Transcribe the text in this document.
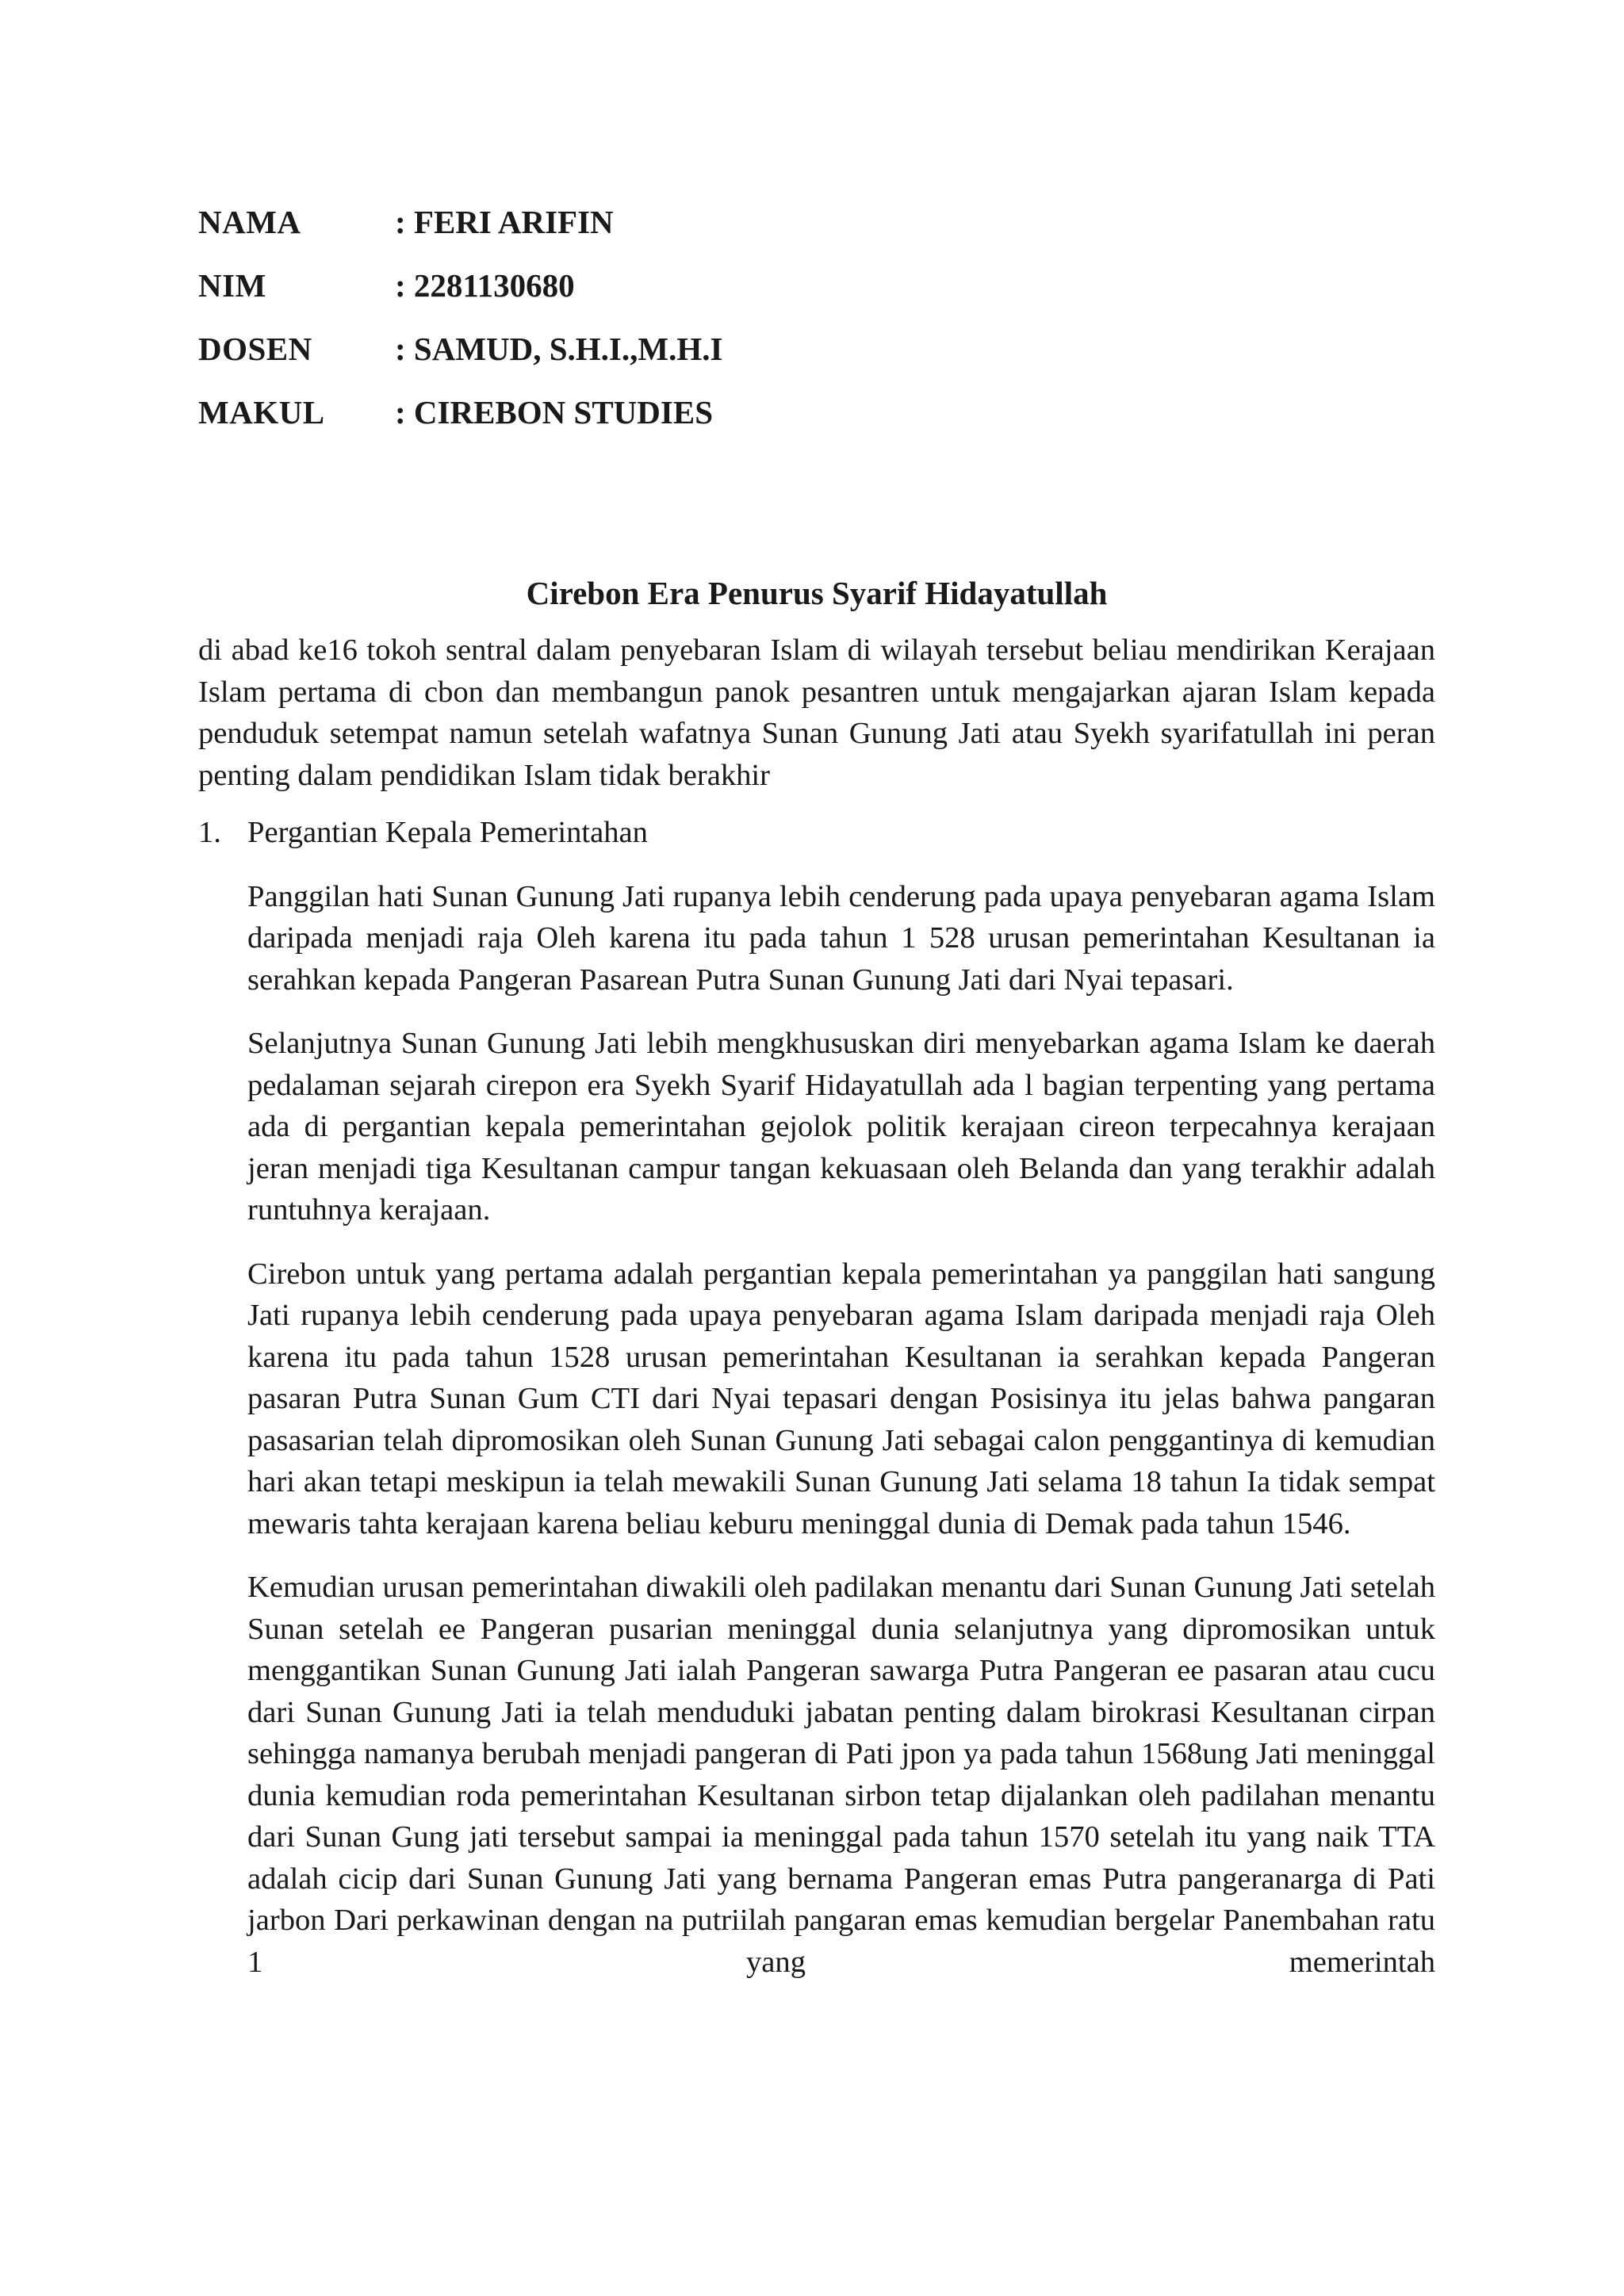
NAMA	: FERI ARIFIN
NIM	: 2281130680
DOSEN	: SAMUD, S.H.I.,M.H.I
MAKUL	: CIREBON STUDIES
Cirebon Era Penurus Syarif Hidayatullah

di abad ke16 tokoh sentral dalam penyebaran Islam di wilayah tersebut beliau mendirikan Kerajaan Islam pertama di cbon dan membangun panok pesantren untuk mengajarkan ajaran Islam kepada penduduk setempat namun setelah wafatnya Sunan Gunung Jati atau Syekh syarifatullah ini peran penting dalam pendidikan Islam tidak berakhir

1. Pergantian Kepala Pemerintahan

Panggilan hati Sunan Gunung Jati rupanya lebih cenderung pada upaya penyebaran agama Islam daripada menjadi raja Oleh karena itu pada tahun 1 528 urusan pemerintahan Kesultanan ia serahkan kepada Pangeran Pasarean Putra Sunan Gunung Jati dari Nyai tepasari.

Selanjutnya Sunan Gunung Jati lebih mengkhususkan diri menyebarkan agama Islam ke daerah pedalaman sejarah cirepon era Syekh Syarif Hidayatullah ada l bagian terpenting yang pertama ada di pergantian kepala pemerintahan gejolok politik kerajaan cireon terpecahnya kerajaan jeran menjadi tiga Kesultanan campur tangan kekuasaan oleh Belanda dan yang terakhir adalah runtuhnya kerajaan.

Cirebon untuk yang pertama adalah pergantian kepala pemerintahan ya panggilan hati sangung Jati rupanya lebih cenderung pada upaya penyebaran agama Islam daripada menjadi raja Oleh karena itu pada tahun 1528 urusan pemerintahan Kesultanan ia serahkan kepada Pangeran pasaran Putra Sunan Gum CTI dari Nyai tepasari dengan Posisinya itu jelas bahwa pangaran pasasarian telah dipromosikan oleh Sunan Gunung Jati sebagai calon penggantinya di kemudian hari akan tetapi meskipun ia telah mewakili Sunan Gunung Jati selama 18 tahun Ia tidak sempat mewaris tahta kerajaan karena beliau keburu meninggal dunia di Demak pada tahun 1546.

Kemudian urusan pemerintahan diwakili oleh padilakan menantu dari Sunan Gunung Jati setelah Sunan setelah ee Pangeran pusarian meninggal dunia selanjutnya yang dipromosikan untuk menggantikan Sunan Gunung Jati ialah Pangeran sawarga Putra Pangeran ee pasaran atau cucu dari Sunan Gunung Jati ia telah menduduki jabatan penting dalam birokrasi Kesultanan cirpan sehingga namanya berubah menjadi pangeran di Pati jpon ya pada tahun 1568ung Jati meninggal dunia kemudian roda pemerintahan Kesultanan sirbon tetap dijalankan oleh padilahan menantu dari Sunan Gung jati tersebut sampai ia meninggal pada tahun 1570 setelah itu yang naik TTA adalah cicip dari Sunan Gunung Jati yang bernama Pangeran emas Putra pangeranarga di Pati jarbon Dari perkawinan dengan na putriilah pangaran emas kemudian bergelar Panembahan ratu 1 yang memerintah
